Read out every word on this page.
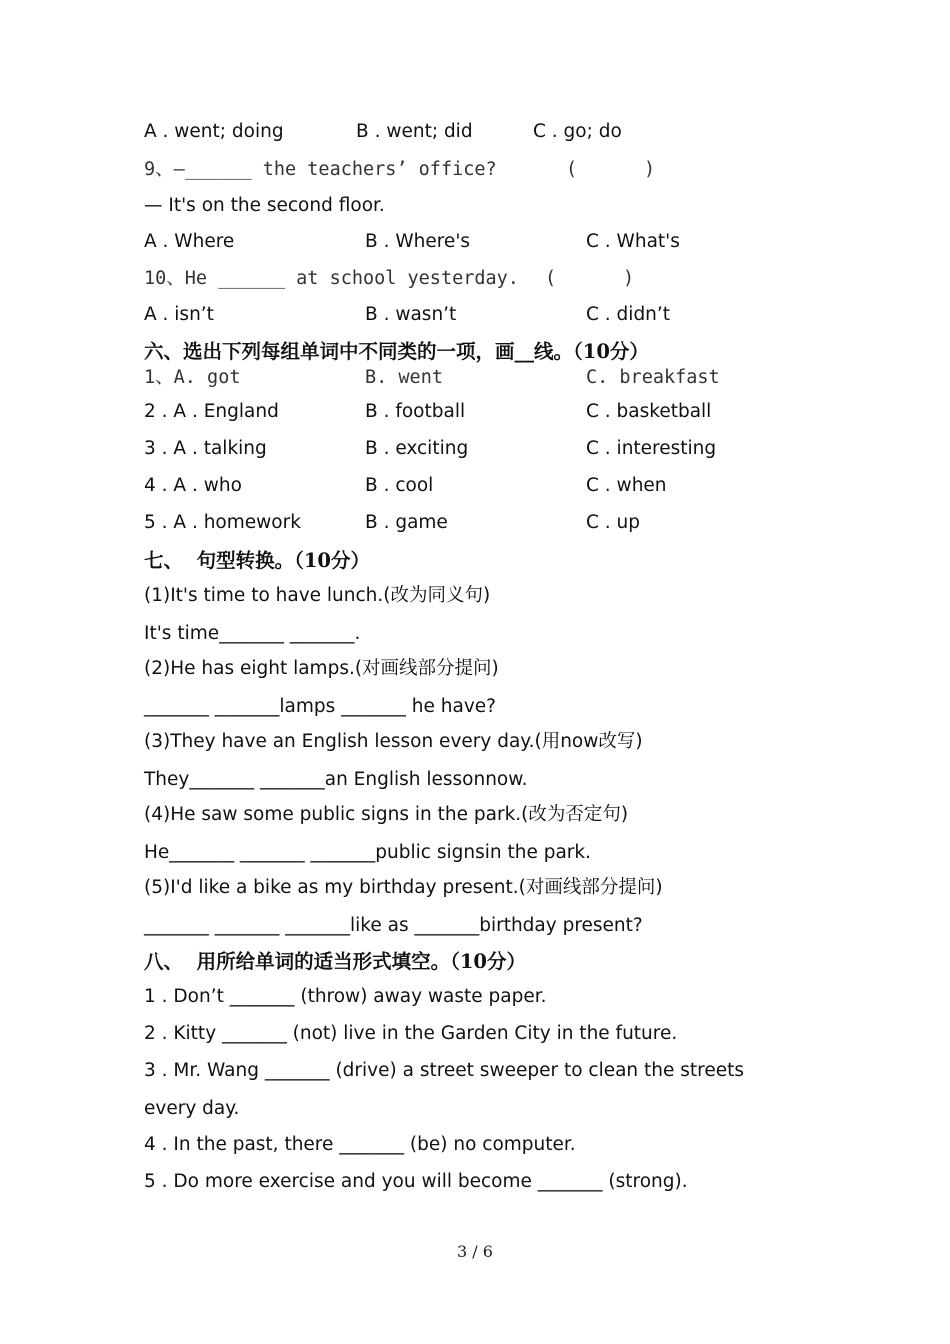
A . went; doing	B . went; did	C . go; do
9、—______ the teachers’ office?	(      )
— It's on the second floor.
A . Where	B . Where's	C . What's
10、He ______ at school yesterday. (      )
A . isn’t	B . wasn’t	C . didn’t
六、选出下列每组单词中不同类的一项，画__线。（10分）
1、A. got	B. went	C. breakfast
2 . A . England	B . football	C . basketball
3 . A . talking	B . exciting	C . interesting
4 . A . who	B . cool	C . when
5 . A . homework	B . game	C . up
七、  句型转换。（10分）
(1)It's time to have lunch.(改为同义句)
It's time_______ _______.
(2)He has eight lamps.(对画线部分提问)
_______ _______lamps _______ he have?
(3)They have an English lesson every day.(用now改写)
They_______ _______an English lessonnow.
(4)He saw some public signs in the park.(改为否定句)
He_______ _______ _______public signsin the park.
(5)I'd like a bike as my birthday present.(对画线部分提问)
_______ _______ _______like as _______birthday present?
八、  用所给单词的适当形式填空。（10分）
1 . Don’t _______ (throw) away waste paper.
2 . Kitty _______ (not) live in the Garden City in the future.
3 . Mr. Wang _______ (drive) a street sweeper to clean the streets
every day.
4 . In the past, there _______ (be) no computer.
5 . Do more exercise and you will become _______ (strong).
3 / 6
